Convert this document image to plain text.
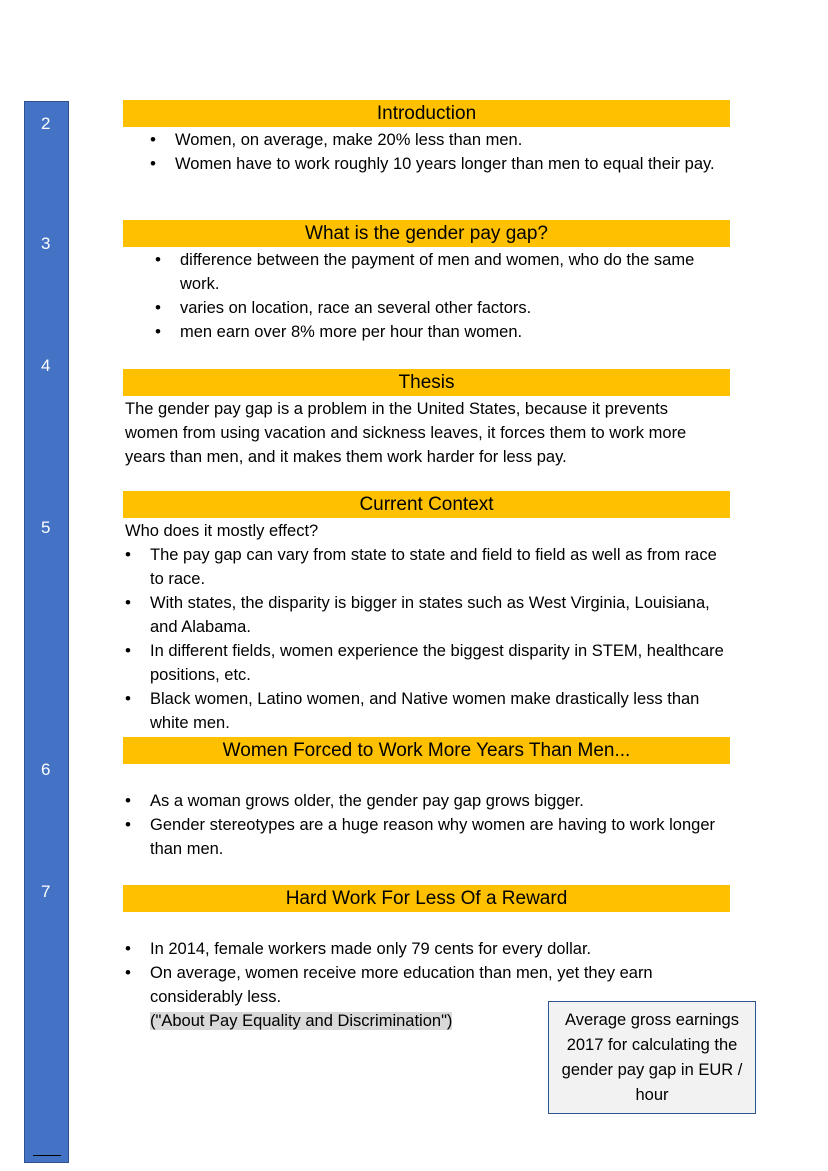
2
3
4
5
6
7
Introduction
• Women, on average, make 20% less than men.
• Women have to work roughly 10 years longer than men to equal their pay.
What is the gender pay gap?
• difference between the payment of men and women, who do the same work.
• varies on location, race an several other factors.
• men earn over 8% more per hour than women.
Thesis
The gender pay gap is a problem in the United States, because it prevents women from using vacation and sickness leaves, it forces them to work more years than men, and it makes them work harder for less pay.
Current Context
Who does it mostly effect?
• The pay gap can vary from state to state and field to field as well as from race to race.
• With states, the disparity is bigger in states such as West Virginia, Louisiana, and Alabama.
• In different fields, women experience the biggest disparity in STEM, healthcare positions, etc.
• Black women, Latino women, and Native women make drastically less than white men.
Women Forced to Work More Years Than Men...
• As a woman grows older, the gender pay gap grows bigger.
• Gender stereotypes are a huge reason why women are having to work longer than men.
Hard Work For Less Of a Reward
• In 2014, female workers made only 79 cents for every dollar.
• On average, women receive more education than men, yet they earn considerably less.
("About Pay Equality and Discrimination")	Average gross earnings 2017 for calculating the gender pay gap in EUR / hour
